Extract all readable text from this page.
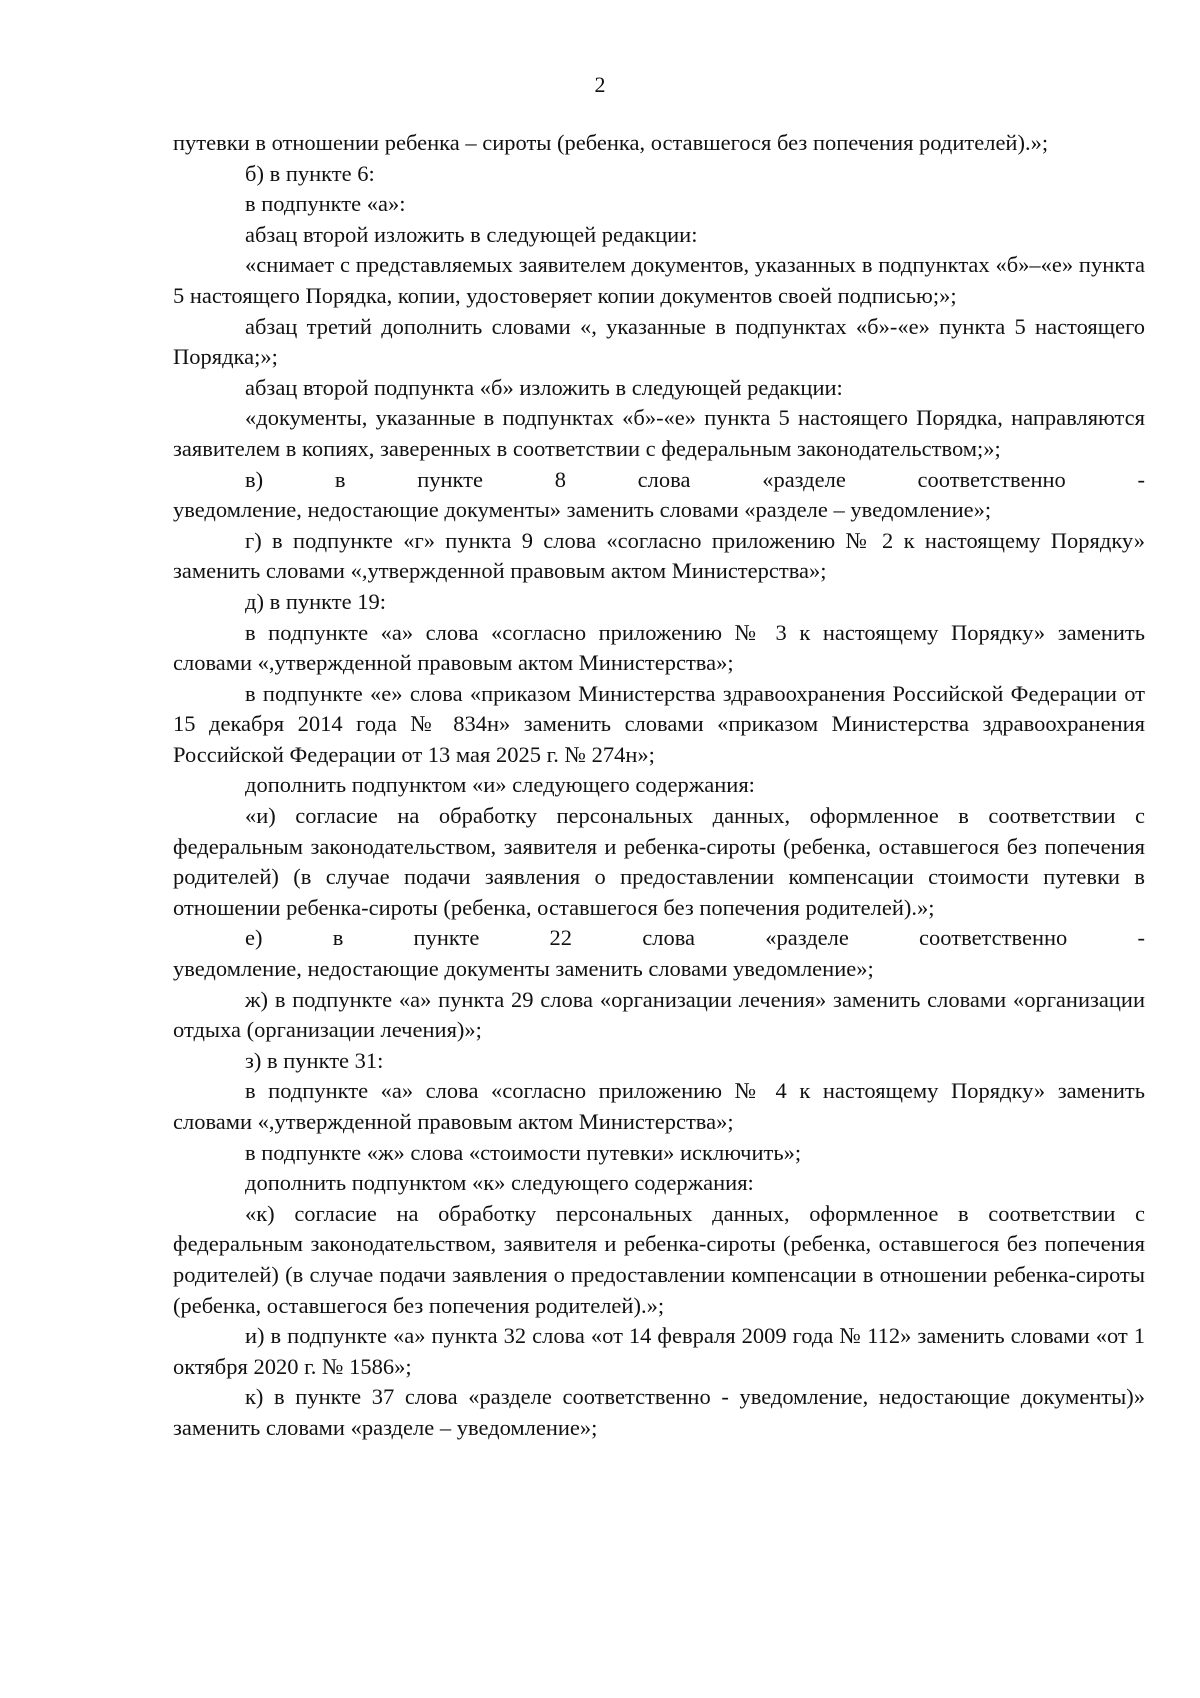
2

путевки в отношении ребенка – сироты (ребенка, оставшегося без попечения родителей).»;

б) в пункте 6:

в подпункте «а»:

абзац второй изложить в следующей редакции:

«снимает с представляемых заявителем документов, указанных в подпунктах «б»–«е» пункта 5 настоящего Порядка, копии, удостоверяет копии документов своей подписью;»;

абзац третий дополнить словами «, указанные в подпунктах «б»-«е» пункта 5 настоящего Порядка;»;

абзац второй подпункта «б» изложить в следующей редакции:

«документы, указанные в подпунктах «б»-«е» пункта 5 настоящего Порядка, направляются заявителем в копиях, заверенных в соответствии с федеральным законодательством;»;

в) в пункте 8 слова «разделе соответственно -

уведомление, недостающие документы» заменить словами «разделе – уведомление»;

г) в подпункте «г» пункта 9 слова «согласно приложению № 2 к настоящему Порядку» заменить словами «,утвержденной правовым актом Министерства»;

д) в пункте 19:

в подпункте «а» слова «согласно приложению № 3 к настоящему Порядку» заменить словами «,утвержденной правовым актом Министерства»;

в подпункте «е» слова «приказом Министерства здравоохранения Российской Федерации от 15 декабря 2014 года № 834н» заменить словами «приказом Министерства здравоохранения Российской Федерации от 13 мая 2025 г. № 274н»;

дополнить подпунктом «и» следующего содержания:

«и) согласие на обработку персональных данных, оформленное в соответствии с федеральным законодательством, заявителя и ребенка-сироты (ребенка, оставшегося без попечения родителей) (в случае подачи заявления о предоставлении компенсации стоимости путевки в отношении ребенка-сироты (ребенка, оставшегося без попечения родителей).»;

е) в пункте 22 слова «разделе соответственно -

уведомление, недостающие документы заменить словами уведомление»;

ж) в подпункте «а» пункта 29 слова «организации лечения» заменить словами «организации отдыха (организации лечения)»;

з) в пункте 31:

в подпункте «а» слова «согласно приложению № 4 к настоящему Порядку» заменить словами «,утвержденной правовым актом Министерства»;

в подпункте «ж» слова «стоимости путевки» исключить»;

дополнить подпунктом «к» следующего содержания:

«к) согласие на обработку персональных данных, оформленное в соответствии с федеральным законодательством, заявителя и ребенка-сироты (ребенка, оставшегося без попечения родителей) (в случае подачи заявления о предоставлении компенсации в отношении ребенка-сироты (ребенка, оставшегося без попечения родителей).»;

и) в подпункте «а» пункта 32 слова «от 14 февраля 2009 года № 112» заменить словами «от 1 октября 2020 г. № 1586»;

к) в пункте 37 слова «разделе соответственно - уведомление, недостающие документы)» заменить словами «разделе – уведомление»;
